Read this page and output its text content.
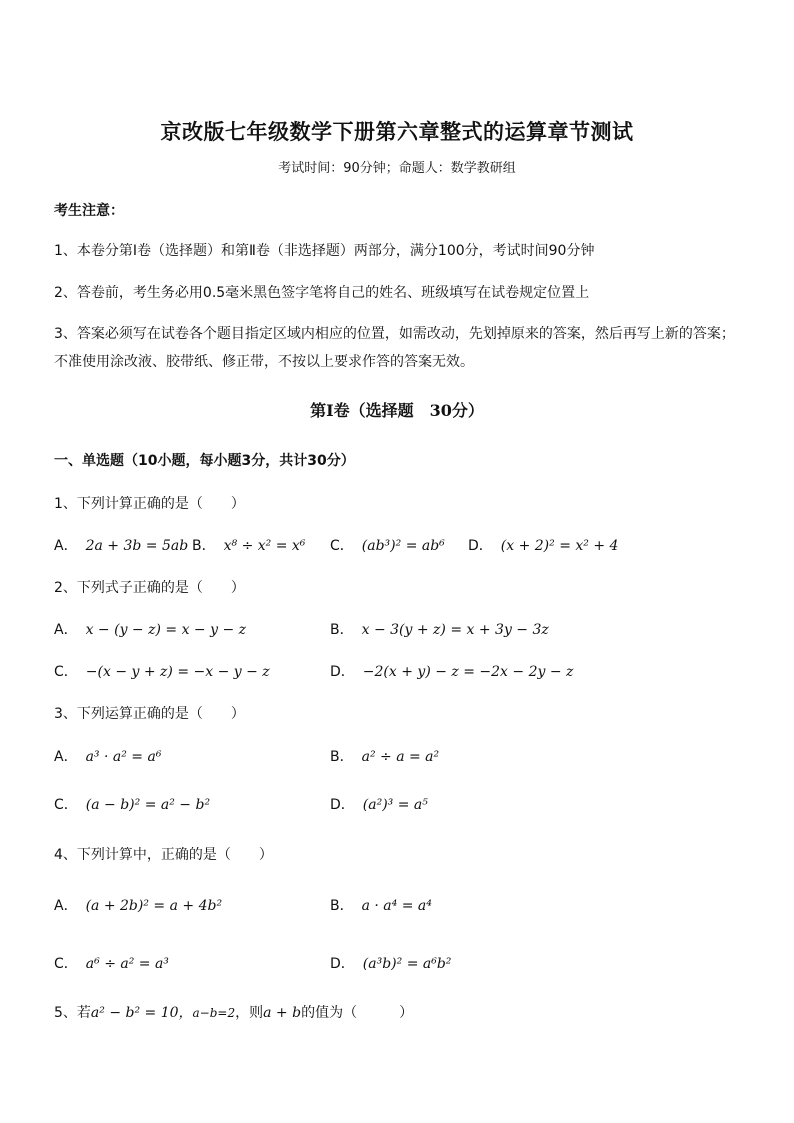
京改版七年级数学下册第六章整式的运算章节测试
考试时间：90分钟；命题人：数学教研组
考生注意：
1、本卷分第Ⅰ卷（选择题）和第Ⅱ卷（非选择题）两部分，满分100分，考试时间90分钟
2、答卷前，考生务必用0.5毫米黑色签字笔将自己的姓名、班级填写在试卷规定位置上
3、答案必须写在试卷各个题目指定区域内相应的位置，如需改动，先划掉原来的答案，然后再写上新的答案；不准使用涂改液、胶带纸、修正带，不按以上要求作答的答案无效。
第Ⅰ卷（选择题　30分）
一、单选题（10小题，每小题3分，共计30分）
1、下列计算正确的是（　　）
A． 2a + 3b = 5ab B． x⁸ ÷ x² = x⁶ C． (ab³)² = ab⁶ D． (x + 2)² = x² + 4
2、下列式子正确的是（　　）
A． x − (y − z) = x − y − z	B． x − 3(y + z) = x + 3y − 3z
C． −(x − y + z) = −x − y − z	D． −2(x + y) − z = −2x − 2y − z
3、下列运算正确的是（　　）
A． a³ · a² = a⁶	B． a² ÷ a = a²
C． (a − b)² = a² − b²	D． (a²)³ = a⁵
4、下列计算中，正确的是（　　）
A． (a + 2b)² = a + 4b²	B． a · a⁴ = a⁴
C． a⁶ ÷ a² = a³	D． (a³b)² = a⁶b²
5、若a² − b² = 10，a−b=2，则a + b的值为（　　　）
